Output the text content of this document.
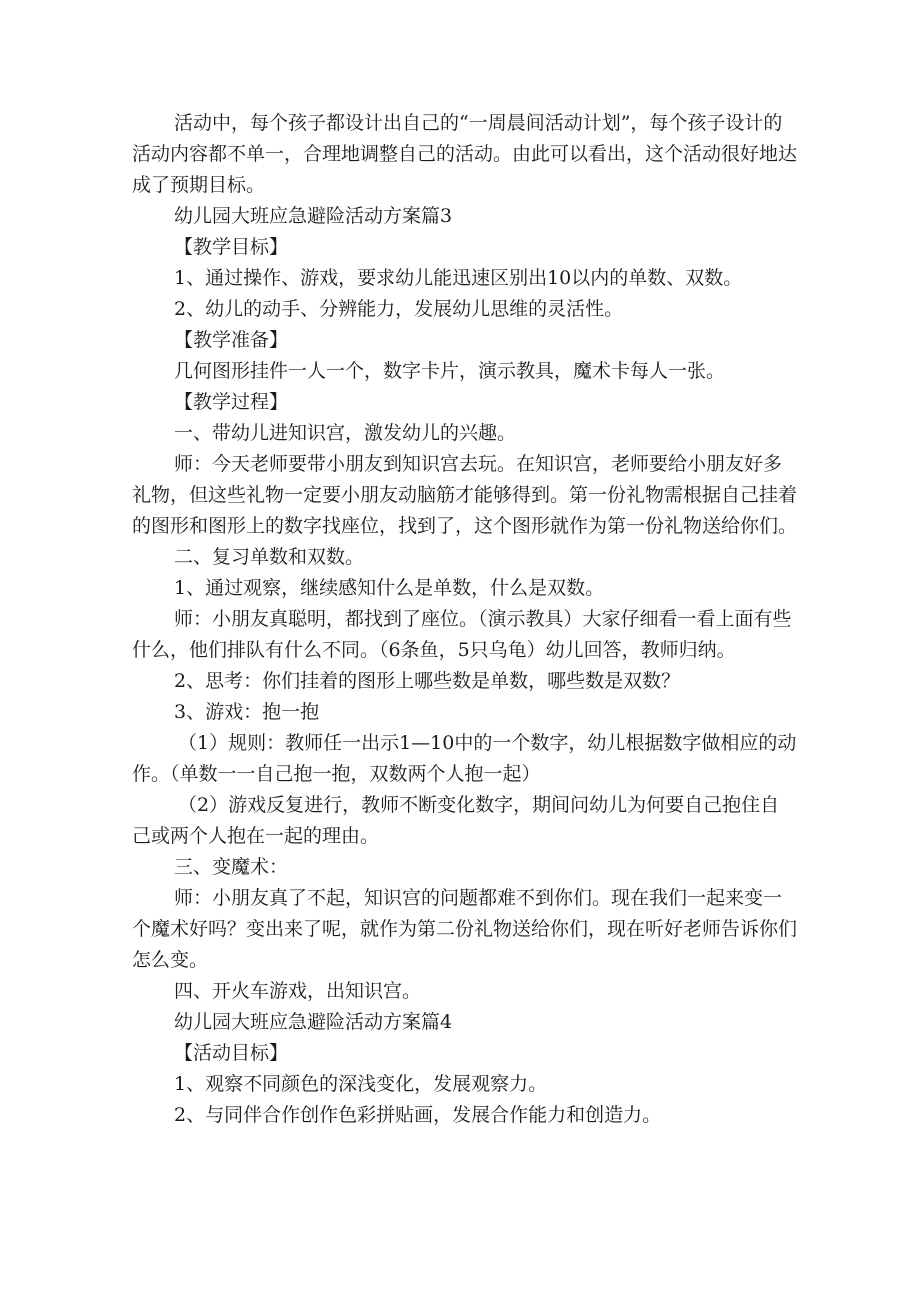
活动中，每个孩子都设计出自己的“一周晨间活动计划”，每个孩子设计的活动内容都不单一，合理地调整自己的活动。由此可以看出，这个活动很好地达成了预期目标。

幼儿园大班应急避险活动方案篇3

【教学目标】

1、通过操作、游戏，要求幼儿能迅速区别出10以内的单数、双数。

2、幼儿的动手、分辨能力，发展幼儿思维的灵活性。

【教学准备】

几何图形挂件一人一个，数字卡片，演示教具，魔术卡每人一张。

【教学过程】

一、带幼儿进知识宫，激发幼儿的兴趣。

师：今天老师要带小朋友到知识宫去玩。在知识宫，老师要给小朋友好多礼物，但这些礼物一定要小朋友动脑筋才能够得到。第一份礼物需根据自己挂着的图形和图形上的数字找座位，找到了，这个图形就作为第一份礼物送给你们。

二、复习单数和双数。

1、通过观察，继续感知什么是单数，什么是双数。

师：小朋友真聪明，都找到了座位。（演示教具）大家仔细看一看上面有些什么，他们排队有什么不同。（6条鱼，5只乌龟）幼儿回答，教师归纳。

2、思考：你们挂着的图形上哪些数是单数，哪些数是双数？

3、游戏：抱一抱

（1）规则：教师任一出示1—10中的一个数字，幼儿根据数字做相应的动作。（单数一一自己抱一抱，双数两个人抱一起）

（2）游戏反复进行，教师不断变化数字，期间问幼儿为何要自己抱住自己或两个人抱在一起的理由。

三、变魔术：

师：小朋友真了不起，知识宫的问题都难不到你们。现在我们一起来变一个魔术好吗？变出来了呢，就作为第二份礼物送给你们，现在听好老师告诉你们怎么变。

四、开火车游戏，出知识宫。

幼儿园大班应急避险活动方案篇4

【活动目标】

1、观察不同颜色的深浅变化，发展观察力。

2、与同伴合作创作色彩拼贴画，发展合作能力和创造力。
